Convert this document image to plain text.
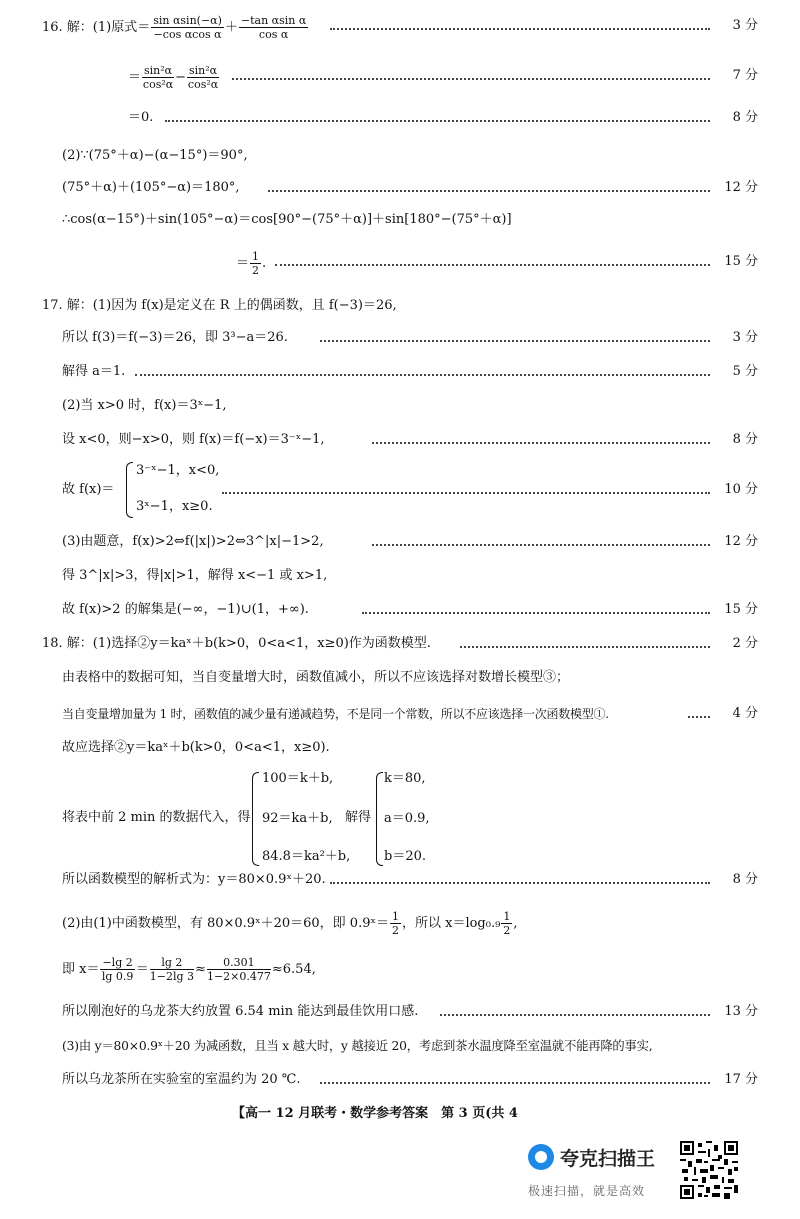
16. 解：(1)原式＝ $\frac{\text{sin αsin(−α)}}{\text{−cos αcos α}} + \frac{\text{−tan αsin α}}{\text{cos α}}$	3 分
＝ $\frac{\text{sin²α}}{\text{cos²α}} - \frac{\text{sin²α}}{\text{cos²α}}$	7 分
＝0.	8 分
(2)∵(75°＋α)−(α−15°)＝90°,
(75°＋α)＋(105°−α)＝180°,	12 分
∴cos(α−15°)＋sin(105°−α)＝cos[90°−(75°＋α)]＋sin[180°−(75°＋α)]
＝ $\frac{1}{2}$ .	15 分
17. 解：(1)因为 f(x)是定义在 R 上的偶函数，且 f(−3)＝26,
所以 f(3)＝f(−3)＝26，即 3³−a＝26.	3 分
解得 a＝1.	5 分
(2)当 x>0 时，f(x)＝3ˣ−1,
设 x<0，则−x>0，则 f(x)＝f(−x)＝3⁻ˣ−1,	8 分
故 f(x)＝
3⁻ˣ−1，x<0,
3ˣ−1，x≥0.
10 分
(3)由题意，f(x)>2⇔f(|x|)>2⇔3^|x|−1>2,	12 分
得 3^|x|>3，得|x|>1，解得 x<−1 或 x>1,
故 f(x)>2 的解集是(−∞，−1)∪(1，+∞).	15 分
18. 解：(1)选择②y＝kaˣ＋b(k>0，0<a<1，x≥0)作为函数模型.	2 分
由表格中的数据可知，当自变量增大时，函数值减小，所以不应该选择对数增长模型③；
当自变量增加量为 1 时，函数值的减少量有递减趋势，不是同一个常数，所以不应该选择一次函数模型①.	4 分
故应选择②y＝kaˣ＋b(k>0，0<a<1，x≥0).
将表中前 2 min 的数据代入，得
100＝k＋b,
92＝ka＋b,
84.8＝ka²＋b,
解得
k＝80,
a＝0.9,
b＝20.
所以函数模型的解析式为：y＝80×0.9ˣ＋20.	8 分
(2)由(1)中函数模型，有 80×0.9ˣ＋20＝60，即 0.9ˣ＝ $\frac{1}{2}$ ，所以 $x=\log_0._9 \frac{1}{2}$ ,
即 $x= \frac{-\lg 2}{\lg 0.9} = \frac{\lg 2}{1-2\lg 3} \approx \frac{0.301}{1-2\times 0.477} \approx 6.54$,
所以刚泡好的乌龙茶大约放置 6.54 min 能达到最佳饮用口感.	13 分
(3)由 y＝80×0.9ˣ＋20 为减函数，且当 x 越大时，y 越接近 20，考虑到茶水温度降至室温就不能再降的事实,
所以乌龙茶所在实验室的室温约为 20 ℃.	17 分
【高一 12 月联考・数学参考答案　第 3 页(共 4
夸克扫描王
极速扫描，就是高效
